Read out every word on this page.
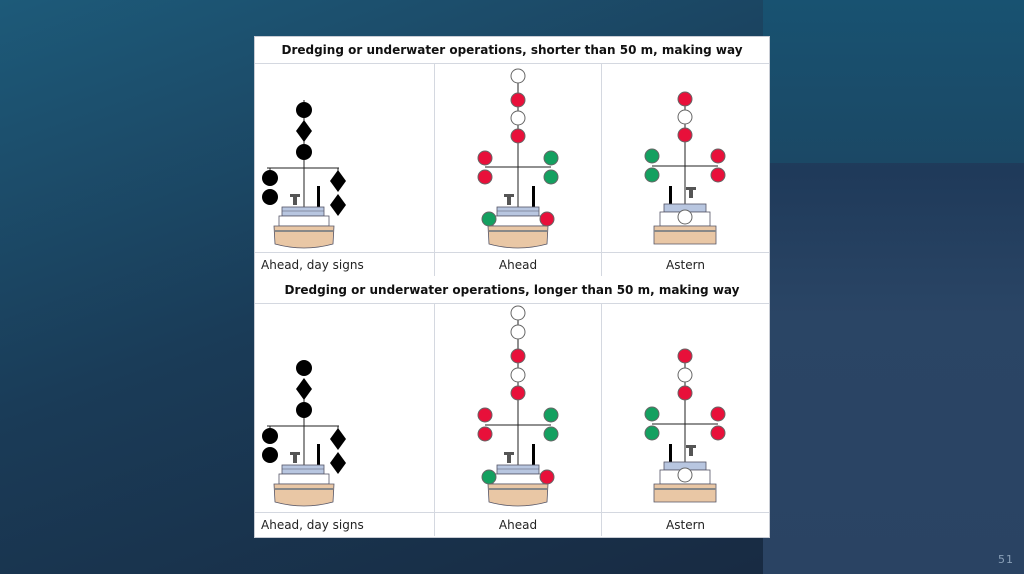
Dredging or underwater operations, shorter than 50 m, making way
Ahead, day signs	Ahead	Astern
Dredging or underwater operations, longer than 50 m, making way
Ahead, day signs	Ahead	Astern
51
